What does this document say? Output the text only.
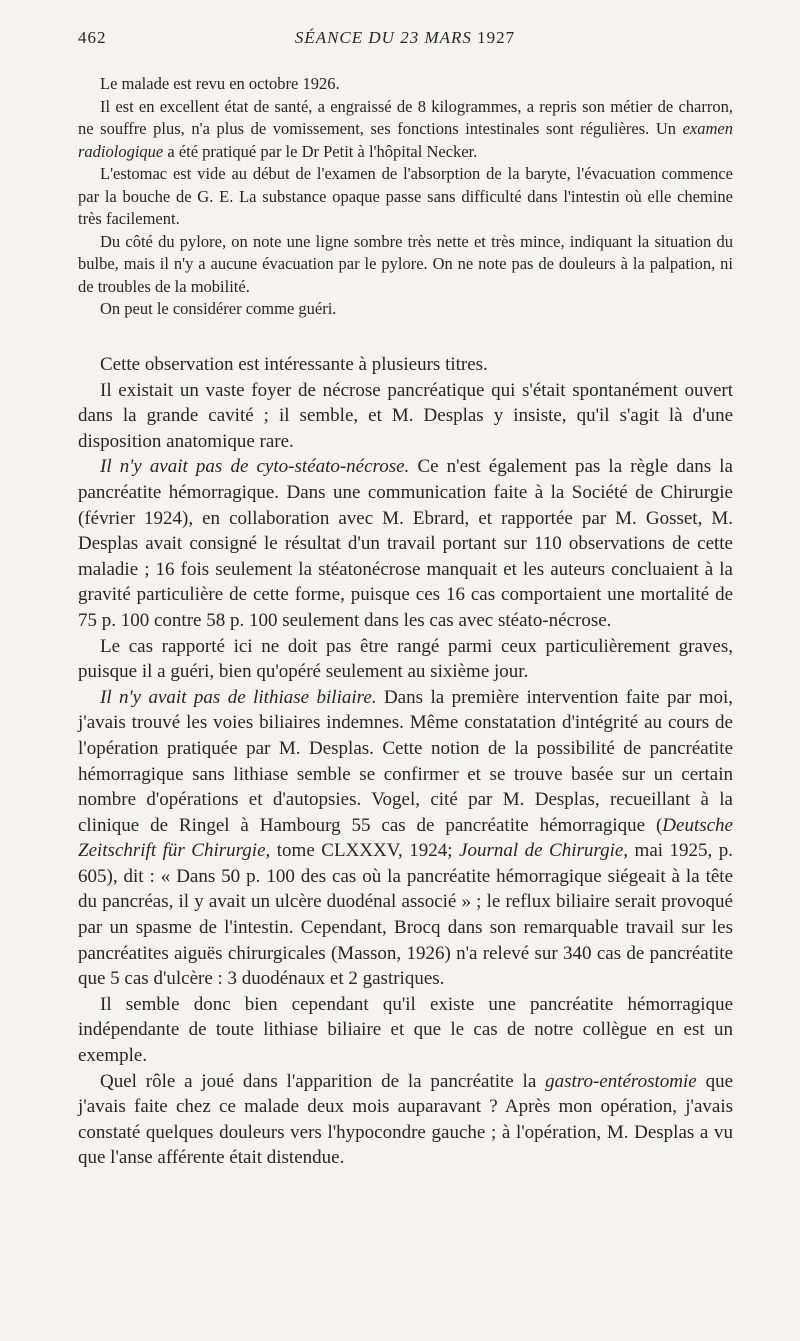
462	SÉANCE DU 23 MARS 1927

Le malade est revu en octobre 1926.

Il est en excellent état de santé, a engraissé de 8 kilogrammes, a repris son métier de charron, ne souffre plus, n'a plus de vomissement, ses fonctions intestinales sont régulières. Un examen radiologique a été pratiqué par le Dr Petit à l'hôpital Necker.

L'estomac est vide au début de l'examen de l'absorption de la baryte, l'évacuation commence par la bouche de G. E. La substance opaque passe sans difficulté dans l'intestin où elle chemine très facilement.

Du côté du pylore, on note une ligne sombre très nette et très mince, indiquant la situation du bulbe, mais il n'y a aucune évacuation par le pylore. On ne note pas de douleurs à la palpation, ni de troubles de la mobilité.

On peut le considérer comme guéri.

Cette observation est intéressante à plusieurs titres.

Il existait un vaste foyer de nécrose pancréatique qui s'était spontanément ouvert dans la grande cavité ; il semble, et M. Desplas y insiste, qu'il s'agit là d'une disposition anatomique rare.

Il n'y avait pas de cyto-stéato-nécrose. Ce n'est également pas la règle dans la pancréatite hémorragique. Dans une communication faite à la Société de Chirurgie (février 1924), en collaboration avec M. Ebrard, et rapportée par M. Gosset, M. Desplas avait consigné le résultat d'un travail portant sur 110 observations de cette maladie ; 16 fois seulement la stéatonécrose manquait et les auteurs concluaient à la gravité particulière de cette forme, puisque ces 16 cas comportaient une mortalité de 75 p. 100 contre 58 p. 100 seulement dans les cas avec stéato-nécrose.

Le cas rapporté ici ne doit pas être rangé parmi ceux particulièrement graves, puisque il a guéri, bien qu'opéré seulement au sixième jour.

Il n'y avait pas de lithiase biliaire. Dans la première intervention faite par moi, j'avais trouvé les voies biliaires indemnes. Même constatation d'intégrité au cours de l'opération pratiquée par M. Desplas. Cette notion de la possibilité de pancréatite hémorragique sans lithiase semble se confirmer et se trouve basée sur un certain nombre d'opérations et d'autopsies. Vogel, cité par M. Desplas, recueillant à la clinique de Ringel à Hambourg 55 cas de pancréatite hémorragique (Deutsche Zeitschrift für Chirurgie, tome CLXXXV, 1924; Journal de Chirurgie, mai 1925, p. 605), dit : « Dans 50 p. 100 des cas où la pancréatite hémorragique siégeait à la tête du pancréas, il y avait un ulcère duodénal associé » ; le reflux biliaire serait provoqué par un spasme de l'intestin. Cependant, Brocq dans son remarquable travail sur les pancréatites aiguës chirurgicales (Masson, 1926) n'a relevé sur 340 cas de pancréatite que 5 cas d'ulcère : 3 duodénaux et 2 gastriques.

Il semble donc bien cependant qu'il existe une pancréatite hémorragique indépendante de toute lithiase biliaire et que le cas de notre collègue en est un exemple.

Quel rôle a joué dans l'apparition de la pancréatite la gastro-entérostomie que j'avais faite chez ce malade deux mois auparavant ? Après mon opération, j'avais constaté quelques douleurs vers l'hypocondre gauche ; à l'opération, M. Desplas a vu que l'anse afférente était distendue.
